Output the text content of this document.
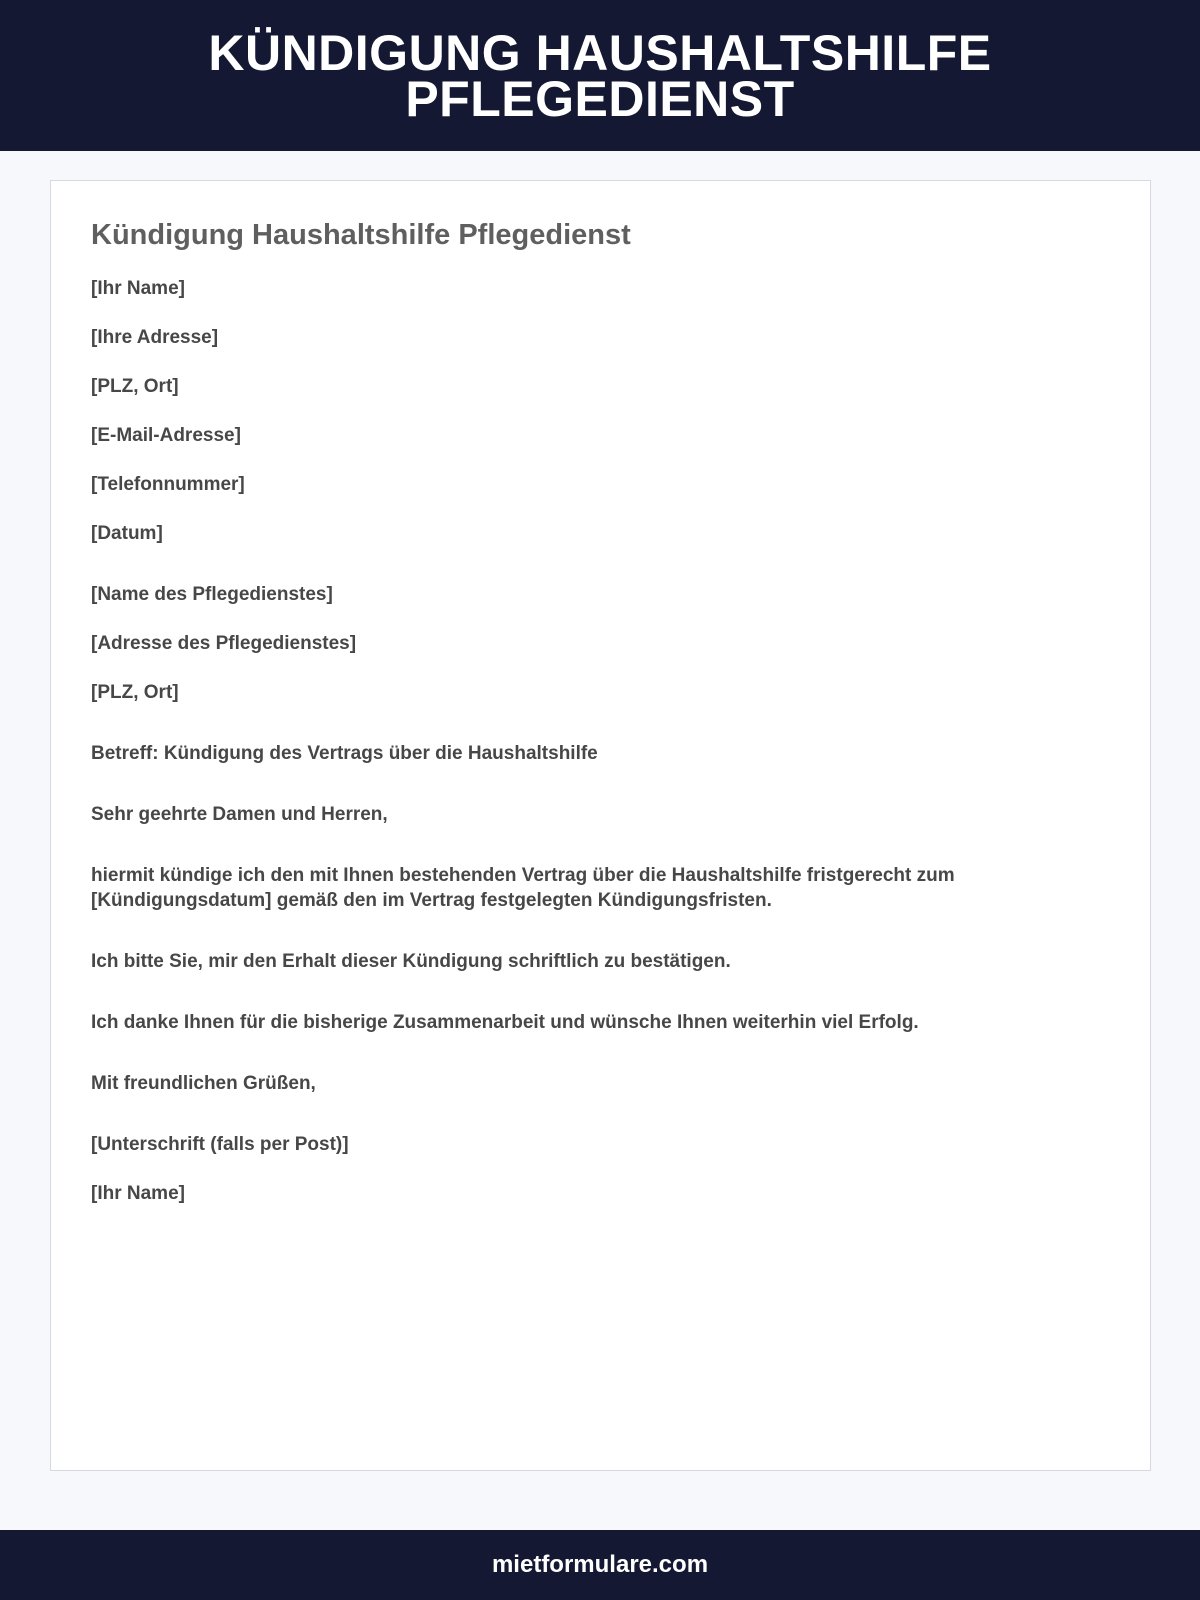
KÜNDIGUNG HAUSHALTSHILFE PFLEGEDIENST
Kündigung Haushaltshilfe Pflegedienst
[Ihr Name]
[Ihre Adresse]
[PLZ, Ort]
[E-Mail-Adresse]
[Telefonnummer]
[Datum]
[Name des Pflegedienstes]
[Adresse des Pflegedienstes]
[PLZ, Ort]
Betreff: Kündigung des Vertrags über die Haushaltshilfe
Sehr geehrte Damen und Herren,
hiermit kündige ich den mit Ihnen bestehenden Vertrag über die Haushaltshilfe fristgerecht zum [Kündigungsdatum] gemäß den im Vertrag festgelegten Kündigungsfristen.
Ich bitte Sie, mir den Erhalt dieser Kündigung schriftlich zu bestätigen.
Ich danke Ihnen für die bisherige Zusammenarbeit und wünsche Ihnen weiterhin viel Erfolg.
Mit freundlichen Grüßen,
[Unterschrift (falls per Post)]
[Ihr Name]
mietformulare.com
